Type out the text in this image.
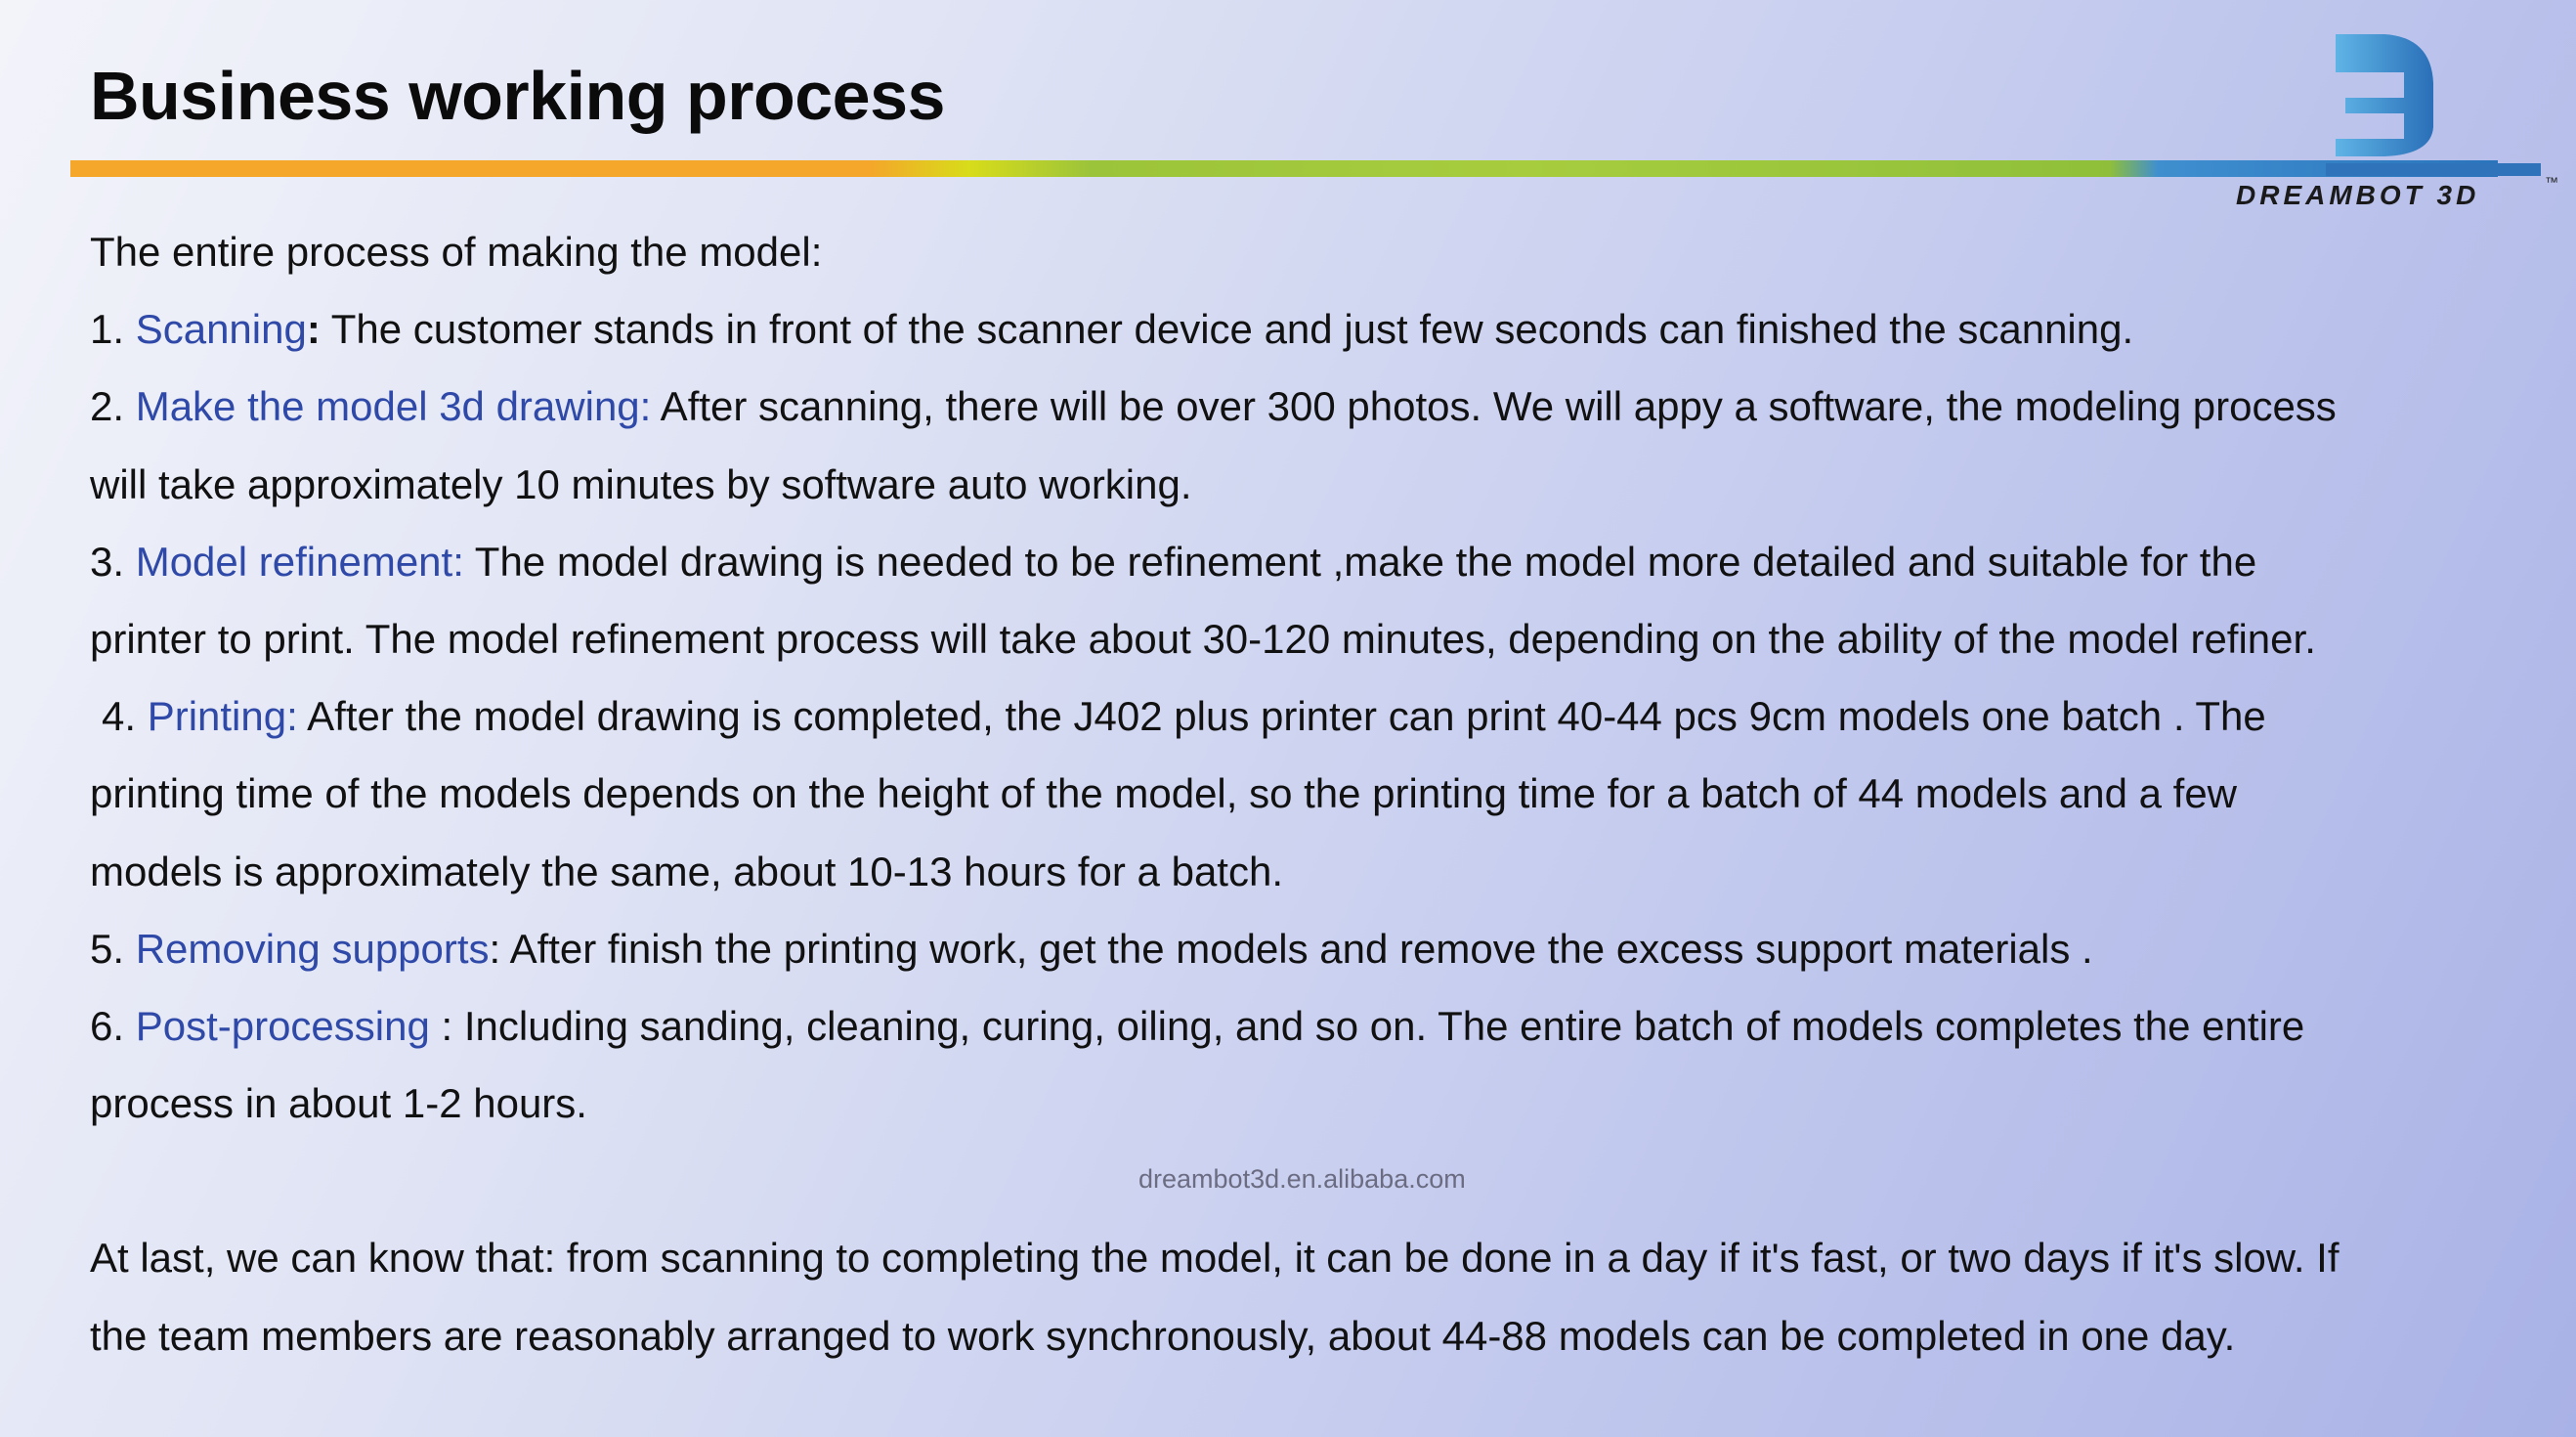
Business working process
DREAMBOT 3D	™
The entire process of making the model:
1. Scanning: The customer stands in front of the scanner device and just few seconds can finished the scanning.
2. Make the model 3d drawing: After scanning, there will be over 300 photos. We will appy a software, the modeling process
will take approximately 10 minutes by software auto working.
3. Model refinement: The model drawing is needed to be refinement ,make the model more detailed and suitable for the
printer to print. The model refinement process will take about 30-120 minutes, depending on the ability of the model refiner.
4. Printing: After the model drawing is completed, the J402 plus printer can print 40-44 pcs 9cm models one batch . The
printing time of the models depends on the height of the model, so the printing time for a batch of 44 models and a few
models is approximately the same, about 10-13 hours for a batch.
5. Removing supports: After finish the printing work, get the models and remove the excess support materials .
6. Post-processing : Including sanding, cleaning, curing, oiling, and so on. The entire batch of models completes the entire
process in about 1-2 hours.
At last, we can know that: from scanning to completing the model, it can be done in a day if it's fast, or two days if it's slow. If
the team members are reasonably arranged to work synchronously, about 44-88 models can be completed in one day.
dreambot3d.en.alibaba.com
